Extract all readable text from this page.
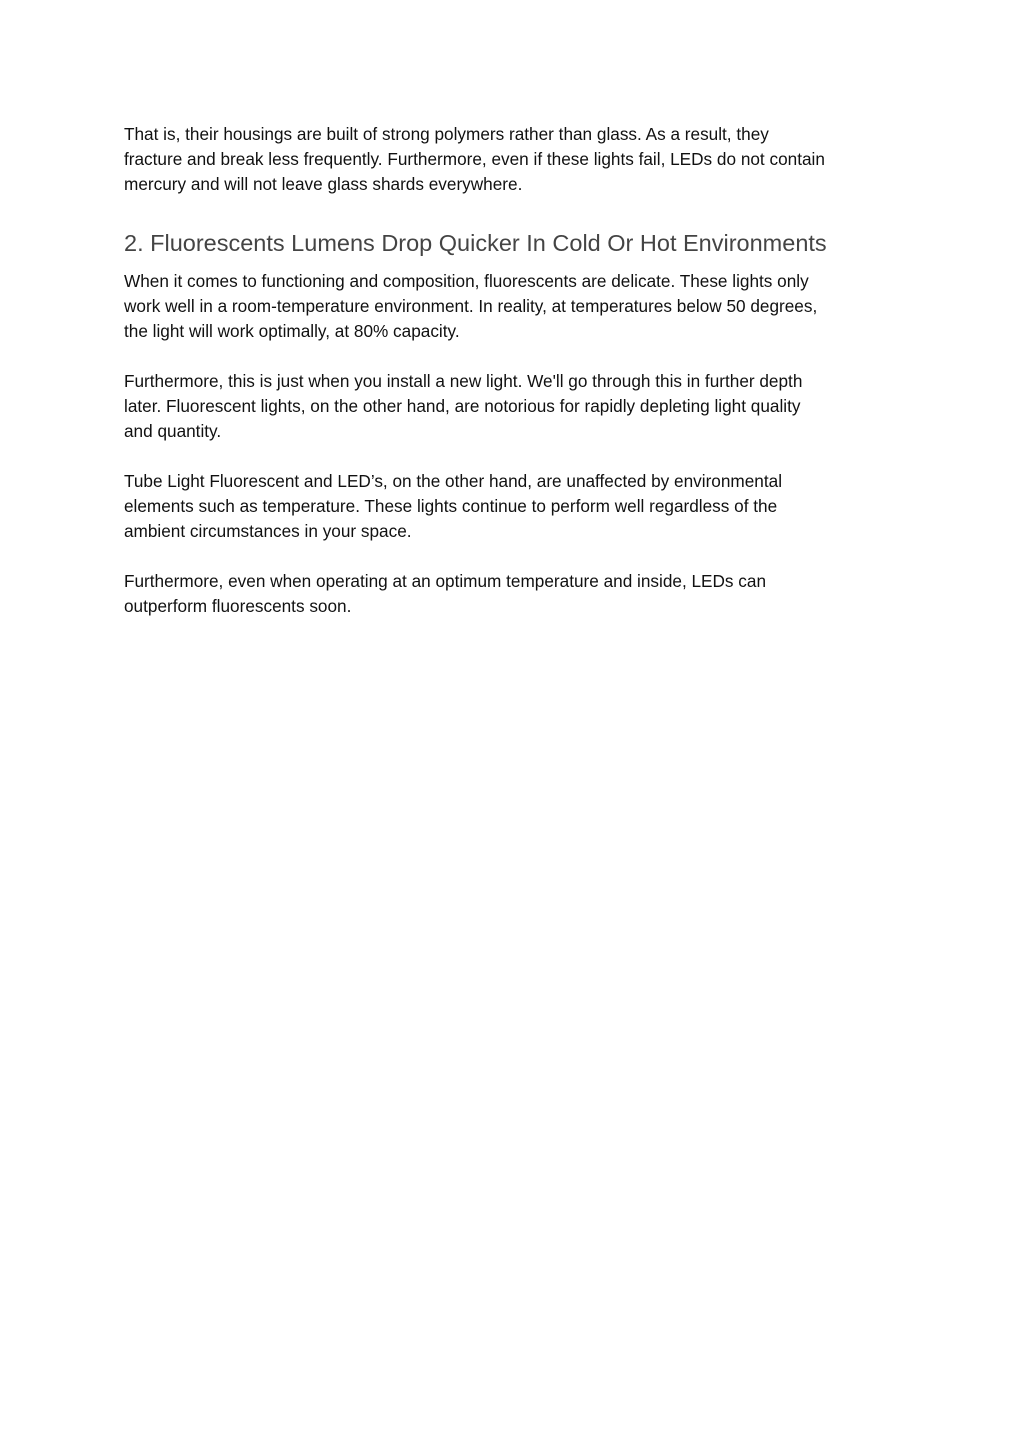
That is, their housings are built of strong polymers rather than glass. As a result, they
fracture and break less frequently. Furthermore, even if these lights fail, LEDs do not contain
mercury and will not leave glass shards everywhere.

2. Fluorescents Lumens Drop Quicker In Cold Or Hot Environments

When it comes to functioning and composition, fluorescents are delicate. These lights only
work well in a room-temperature environment. In reality, at temperatures below 50 degrees,
the light will work optimally, at 80% capacity.

Furthermore, this is just when you install a new light. We'll go through this in further depth
later. Fluorescent lights, on the other hand, are notorious for rapidly depleting light quality
and quantity.

Tube Light Fluorescent and LED’s, on the other hand, are unaffected by environmental
elements such as temperature. These lights continue to perform well regardless of the
ambient circumstances in your space.

Furthermore, even when operating at an optimum temperature and inside, LEDs can
outperform fluorescents soon.
